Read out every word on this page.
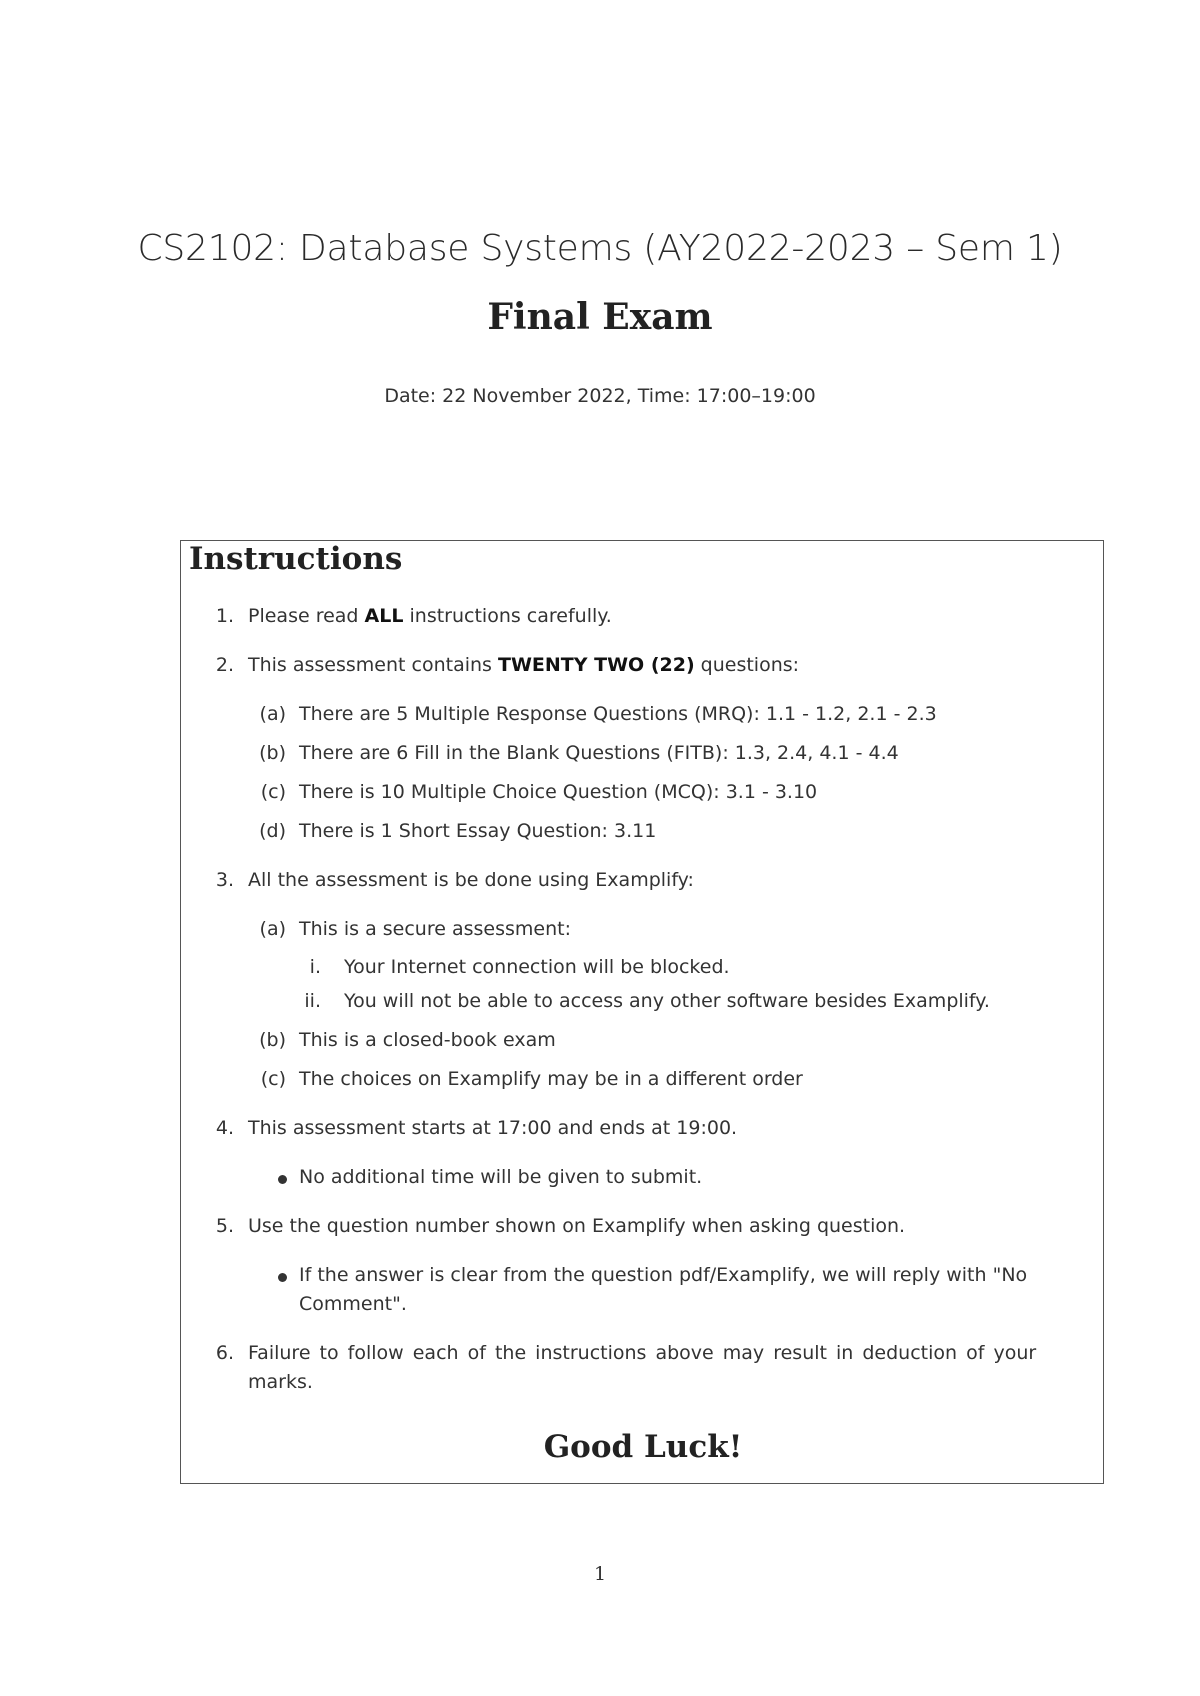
CS2102: Database Systems (AY2022-2023 – Sem 1)
Final Exam
Date: 22 November 2022, Time: 17:00–19:00
Instructions
1. Please read ALL instructions carefully.
2. This assessment contains TWENTY TWO (22) questions:
(a) There are 5 Multiple Response Questions (MRQ): 1.1 - 1.2, 2.1 - 2.3
(b) There are 6 Fill in the Blank Questions (FITB): 1.3, 2.4, 4.1 - 4.4
(c) There is 10 Multiple Choice Question (MCQ): 3.1 - 3.10
(d) There is 1 Short Essay Question: 3.11
3. All the assessment is be done using Examplify:
(a) This is a secure assessment:
i. Your Internet connection will be blocked.
ii. You will not be able to access any other software besides Examplify.
(b) This is a closed-book exam
(c) The choices on Examplify may be in a different order
4. This assessment starts at 17:00 and ends at 19:00.
No additional time will be given to submit.
5. Use the question number shown on Examplify when asking question.
If the answer is clear from the question pdf/Examplify, we will reply with "No
Comment".
6. Failure to follow each of the instructions above may result in deduction of your
marks.
Good Luck!
1
